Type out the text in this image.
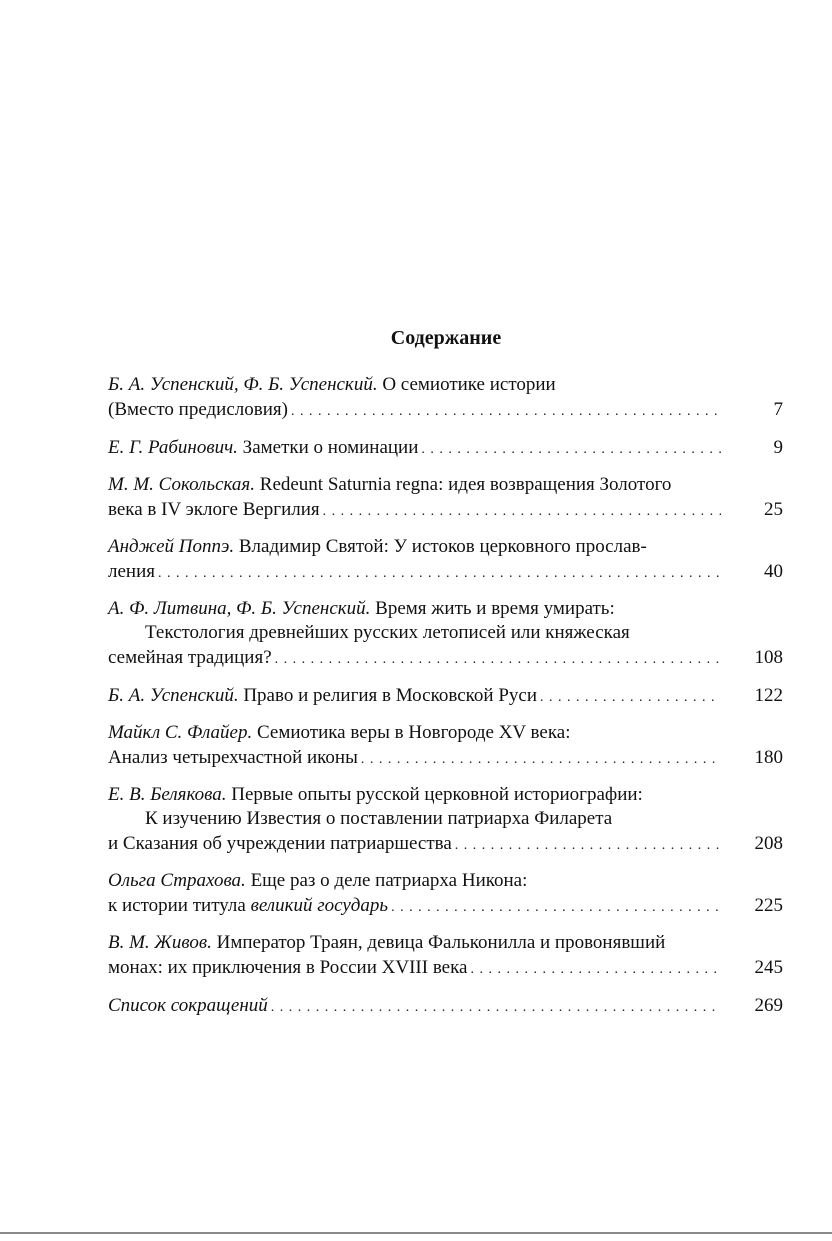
Содержание
Б. А. Успенский, Ф. Б. Успенский. О семиотике истории
(Вместо предисловия) . . .	7
Е. Г. Рабинович. Заметки о номинации . . .	9
М. М. Сокольская. Redeunt Saturnia regna: идея возвращения Золотого
века в IV эклоге Вергилия . . .	25
Анджей Поппэ. Владимир Святой: У истоков церковного прослав-
ления . . .	40
А. Ф. Литвина, Ф. Б. Успенский. Время жить и время умирать:
Текстология древнейших русских летописей или княжеская
семейная традиция? . . .	108
Б. А. Успенский. Право и религия в Московской Руси . . .	122
Майкл С. Флайер. Семиотика веры в Новгороде XV века:
Анализ четырехчастной иконы . . .	180
Е. В. Белякова. Первые опыты русской церковной историографии:
К изучению Известия о поставлении патриарха Филарета
и Сказания об учреждении патриаршества . . .	208
Ольга Страхова. Еще раз о деле патриарха Никона:
к истории титула великий государь . . .	225
В. М. Живов. Император Траян, девица Фальконилла и провонявший
монах: их приключения в России XVIII века . . .	245
Список сокращений . . .	269
